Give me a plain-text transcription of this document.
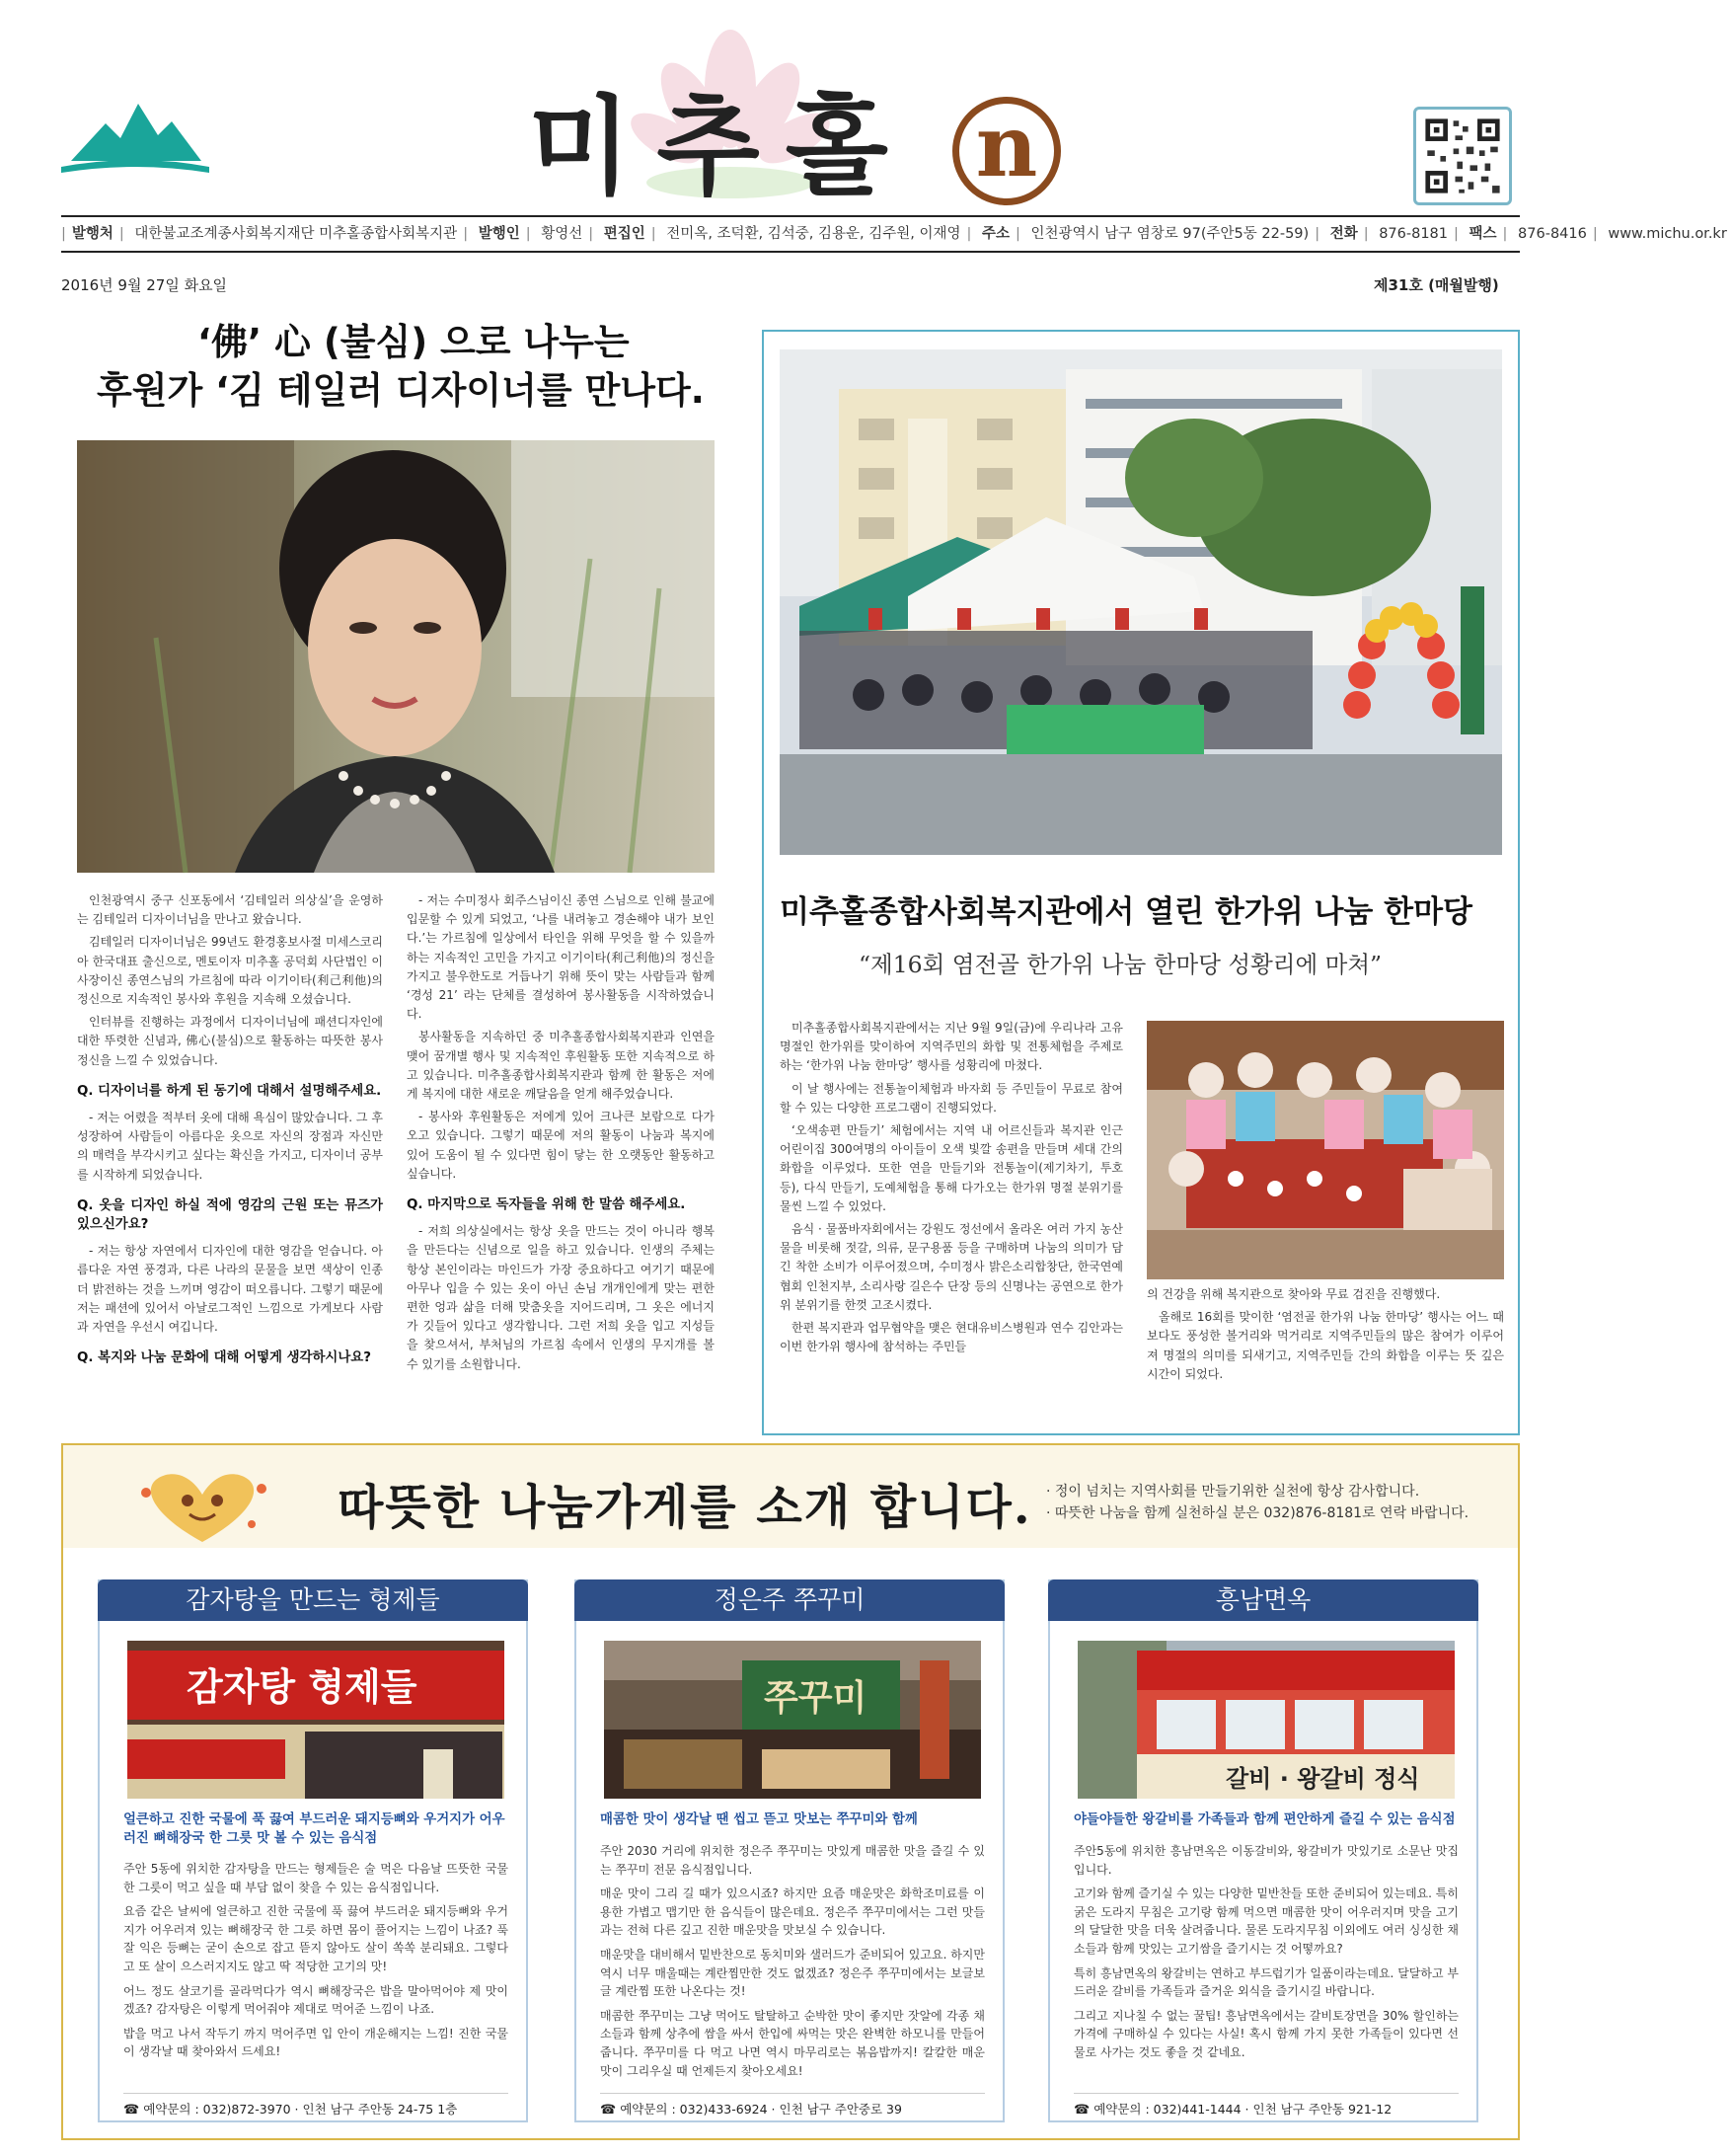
미추홀 n
| 발행처 | 대한불교조계종사회복지재단 미추홀종합사회복지관 | 발행인 | 황영선 | 편집인 | 전미옥, 조덕환, 김석중, 김용운, 김주원, 이재영 | 주소 | 인천광역시 남구 염창로 97(주안5동 22-59) | 전화 | 876-8181 | 팩스 | 876-8416 | www.michu.or.kr
2016년 9월 27일 화요일	제31호 (매월발행)
‘佛’ 心 (불심) 으로 나누는
후원가 ‘김 테일러 디자이너를 만나다.

인천광역시 중구 신포동에서 ‘김테일러 의상실’을 운영하는 김테일러 디자이너님을 만나고 왔습니다.

김테일러 디자이너님은 99년도 환경홍보사절 미세스코리아 한국대표 출신으로, 멘토이자 미추홀 공덕회 사단법인 이사장이신 종연스님의 가르침에 따라 이기이타(利己利他)의 정신으로 지속적인 봉사와 후원을 지속해 오셨습니다.

인터뷰를 진행하는 과정에서 디자이너님에 패션디자인에 대한 뚜렷한 신념과, 佛心(불심)으로 활동하는 따뜻한 봉사정신을 느낄 수 있었습니다.

Q. 디자이너를 하게 된 동기에 대해서 설명해주세요.

- 저는 어렸을 적부터 옷에 대해 욕심이 많았습니다. 그 후 성장하여 사람들이 아름다운 옷으로 자신의 장점과 자신만의 매력을 부각시키고 싶다는 확신을 가지고, 디자이너 공부를 시작하게 되었습니다.

Q. 옷을 디자인 하실 적에 영감의 근원 또는 뮤즈가 있으신가요?

- 저는 항상 자연에서 디자인에 대한 영감을 얻습니다. 아름다운 자연 풍경과, 다른 나라의 문물을 보면 색상이 인종 더 밝전하는 것을 느끼며 영감이 떠오릅니다. 그렇기 때문에 저는 패션에 있어서 아날로그적인 느낌으로 가게보다 사람과 자연을 우선시 여깁니다.

Q. 복지와 나눔 문화에 대해 어떻게 생각하시나요?

- 저는 수미정사 회주스님이신 종연 스님으로 인해 불교에 입문할 수 있게 되었고, ‘나를 내려놓고 경손해야 내가 보인다.’는 가르침에 일상에서 타인을 위해 무엇을 할 수 있을까하는 지속적인 고민을 가지고 이기이타(利己利他)의 정신을 가지고 불우한도로 거듭나기 위해 뜻이 맞는 사람들과 함께 ‘경성 21’ 라는 단체를 결성하여 봉사활동을 시작하였습니다.

봉사활동을 지속하던 중 미추홀종합사회복지관과 인연을 맺어 꿈개별 행사 및 지속적인 후원활동 또한 지속적으로 하고 있습니다. 미추홀종합사회복지관과 함께 한 활동은 저에게 복지에 대한 새로운 깨달음을 얻게 해주었습니다.

- 봉사와 후원활동은 저에게 있어 크나큰 보람으로 다가 오고 있습니다. 그렇기 때문에 저의 활동이 나눔과 복지에 있어 도움이 될 수 있다면 힘이 닿는 한 오랫동안 활동하고 싶습니다.

Q. 마지막으로 독자들을 위해 한 말씀 해주세요.

- 저희 의상실에서는 항상 옷을 만드는 것이 아니라 행복을 만든다는 신념으로 일을 하고 있습니다. 인생의 주체는 항상 본인이라는 마인드가 가장 중요하다고 여기기 때문에 아무나 입을 수 있는 옷이 아닌 손님 개개인에게 맞는 편한 편한 엉과 삶을 더해 맞춤옷을 지어드리며, 그 옷은 에너지가 깃들어 있다고 생각합니다. 그런 저희 옷을 입고 지성들을 찾으셔서, 부처님의 가르침 속에서 인생의 무지개를 볼 수 있기를 소원합니다.

미추홀종합사회복지관에서 열린 한가위 나눔 한마당
“제16회 염전골 한가위 나눔 한마당 성황리에 마쳐”

미추홀종합사회복지관에서는 지난 9월 9일(금)에 우리나라 고유 명절인 한가위를 맞이하여 지역주민의 화합 및 전통체험을 주제로 하는 ‘한가위 나눔 한마당’ 행사를 성황리에 마쳤다.

이 날 행사에는 전통놀이체험과 바자회 등 주민들이 무료로 참여할 수 있는 다양한 프로그램이 진행되었다.

‘오색송편 만들기’ 체험에서는 지역 내 어르신들과 복지관 인근 어린이집 300여명의 아이들이 오색 빛깔 송편을 만들며 세대 간의 화합을 이루었다. 또한 연을 만들기와 전통놀이(제기차기, 투호 등), 다식 만들기, 도예체험을 통해 다가오는 한가위 명절 분위기를 물씬 느낄 수 있었다.

음식 · 물품바자회에서는 강원도 정선에서 올라온 여러 가지 농산물을 비롯해 젓갈, 의류, 문구용품 등을 구매하며 나눔의 의미가 담긴 착한 소비가 이루어졌으며, 수미정사 밝은소리합창단, 한국연예협회 인천지부, 소리사랑 길은수 단장 등의 신명나는 공연으로 한가위 분위기를 한껏 고조시켰다.

한편 복지관과 업무협약을 맺은 현대유비스병원과 연수 김안과는 이번 한가위 행사에 참석하는 주민들

의 건강을 위해 복지관으로 찾아와 무료 검진을 진행했다.

올해로 16회를 맞이한 ‘염전골 한가위 나눔 한마당’ 행사는 어느 때 보다도 풍성한 볼거리와 먹거리로 지역주민들의 많은 참여가 이루어져 명절의 의미를 되새기고, 지역주민들 간의 화합을 이루는 뜻 깊은 시간이 되었다.

따뜻한 나눔가게를 소개 합니다. · 정이 넘치는 지역사회를 만들기위한 실천에 항상 감사합니다.
· 따뜻한 나눔을 함께 실천하실 분은 032)876-8181로 연락 바랍니다.
감자탕을 만드는 형제들
감자탕 형제들
얼큰하고 진한 국물에 푹 끓여 부드러운 돼지등뼈와 우거지가 어우러진 뼈해장국 한 그릇 맛 볼 수 있는 음식점

주안 5동에 위치한 감자탕을 만드는 형제들은 술 먹은 다음날 뜨뜻한 국물 한 그릇이 먹고 싶을 때 부담 없이 찾을 수 있는 음식점입니다.

요즘 같은 날씨에 얼큰하고 진한 국물에 푹 끓여 부드러운 돼지등뼈와 우거지가 어우러져 있는 뼈해장국 한 그릇 하면 몸이 풀어지는 느낌이 나죠? 푹 잘 익은 등뼈는 굳이 손으로 잡고 뜯지 않아도 살이 쏙쏙 분리돼요. 그렇다고 또 살이 으스러지지도 않고 딱 적당한 고기의 맛!

어느 정도 살코기를 골라먹다가 역시 뼈해장국은 밥을 말아먹어야 제 맛이겠죠? 감자탕은 이렇게 먹어줘야 제대로 먹어준 느낌이 나죠.

밥을 먹고 나서 작두기 까지 먹어주면 입 안이 개운해지는 느낌! 진한 국물이 생각날 때 찾아와서 드세요!

☎ 예약문의 : 032)872-3970 · 인천 남구 주안동 24-75 1층
정은주 쭈꾸미
쭈꾸미
매콤한 맛이 생각날 땐 씹고 뜯고 맛보는 쭈꾸미와 함께

주안 2030 거리에 위치한 정은주 쭈꾸미는 맛있게 매콤한 맛을 즐길 수 있는 쭈꾸미 전문 음식점입니다.

매운 맛이 그리 길 때가 있으시죠? 하지만 요즘 매운맛은 화학조미료를 이용한 가볍고 맵기만 한 음식들이 많은데요. 정은주 쭈꾸미에서는 그런 맛들과는 전혀 다른 깊고 진한 매운맛을 맛보실 수 있습니다.

매운맛을 대비해서 밑반찬으로 동치미와 샐러드가 준비되어 있고요. 하지만 역시 너무 매울때는 계란찜만한 것도 없겠죠? 정은주 쭈꾸미에서는 보글보글 계란찜 또한 나온다는 것!

매콤한 쭈꾸미는 그냥 먹어도 탈탈하고 순박한 맛이 좋지만 잣알에 각종 채소들과 함께 상추에 쌈을 싸서 한입에 싸먹는 맛은 완벽한 하모니를 만들어 줍니다. 쭈꾸미를 다 먹고 나면 역시 마무리로는 볶음밥까지! 칼칼한 매운맛이 그리우실 때 언제든지 찾아오세요!

☎ 예약문의 : 032)433-6924 · 인천 남구 주안중로 39
흥남면옥
갈비 · 왕갈비 정식
야들야들한 왕갈비를 가족들과 함께 편안하게 즐길 수 있는 음식점

주안5동에 위치한 흥남면옥은 이동갈비와, 왕갈비가 맛있기로 소문난 맛집입니다.

고기와 함께 즐기실 수 있는 다양한 밑반찬들 또한 준비되어 있는데요. 특히 굵은 도라지 무침은 고기랑 함께 먹으면 매콤한 맛이 어우러지며 맛을 고기의 달달한 맛을 더욱 살려줍니다. 물론 도라지무침 이외에도 여러 싱싱한 채소들과 함께 맛있는 고기쌈을 즐기시는 것 어떻까요?

특히 흥남면옥의 왕갈비는 연하고 부드럽기가 일품이라는데요. 달달하고 부드러운 갈비를 가족들과 즐거운 외식을 즐기시길 바랍니다.

그리고 지나칠 수 없는 꿀팁! 흥남면옥에서는 갈비토장면을 30% 할인하는 가격에 구매하실 수 있다는 사실! 혹시 함께 가지 못한 가족들이 있다면 선물로 사가는 것도 좋을 것 같네요.

☎ 예약문의 : 032)441-1444 · 인천 남구 주안동 921-12
